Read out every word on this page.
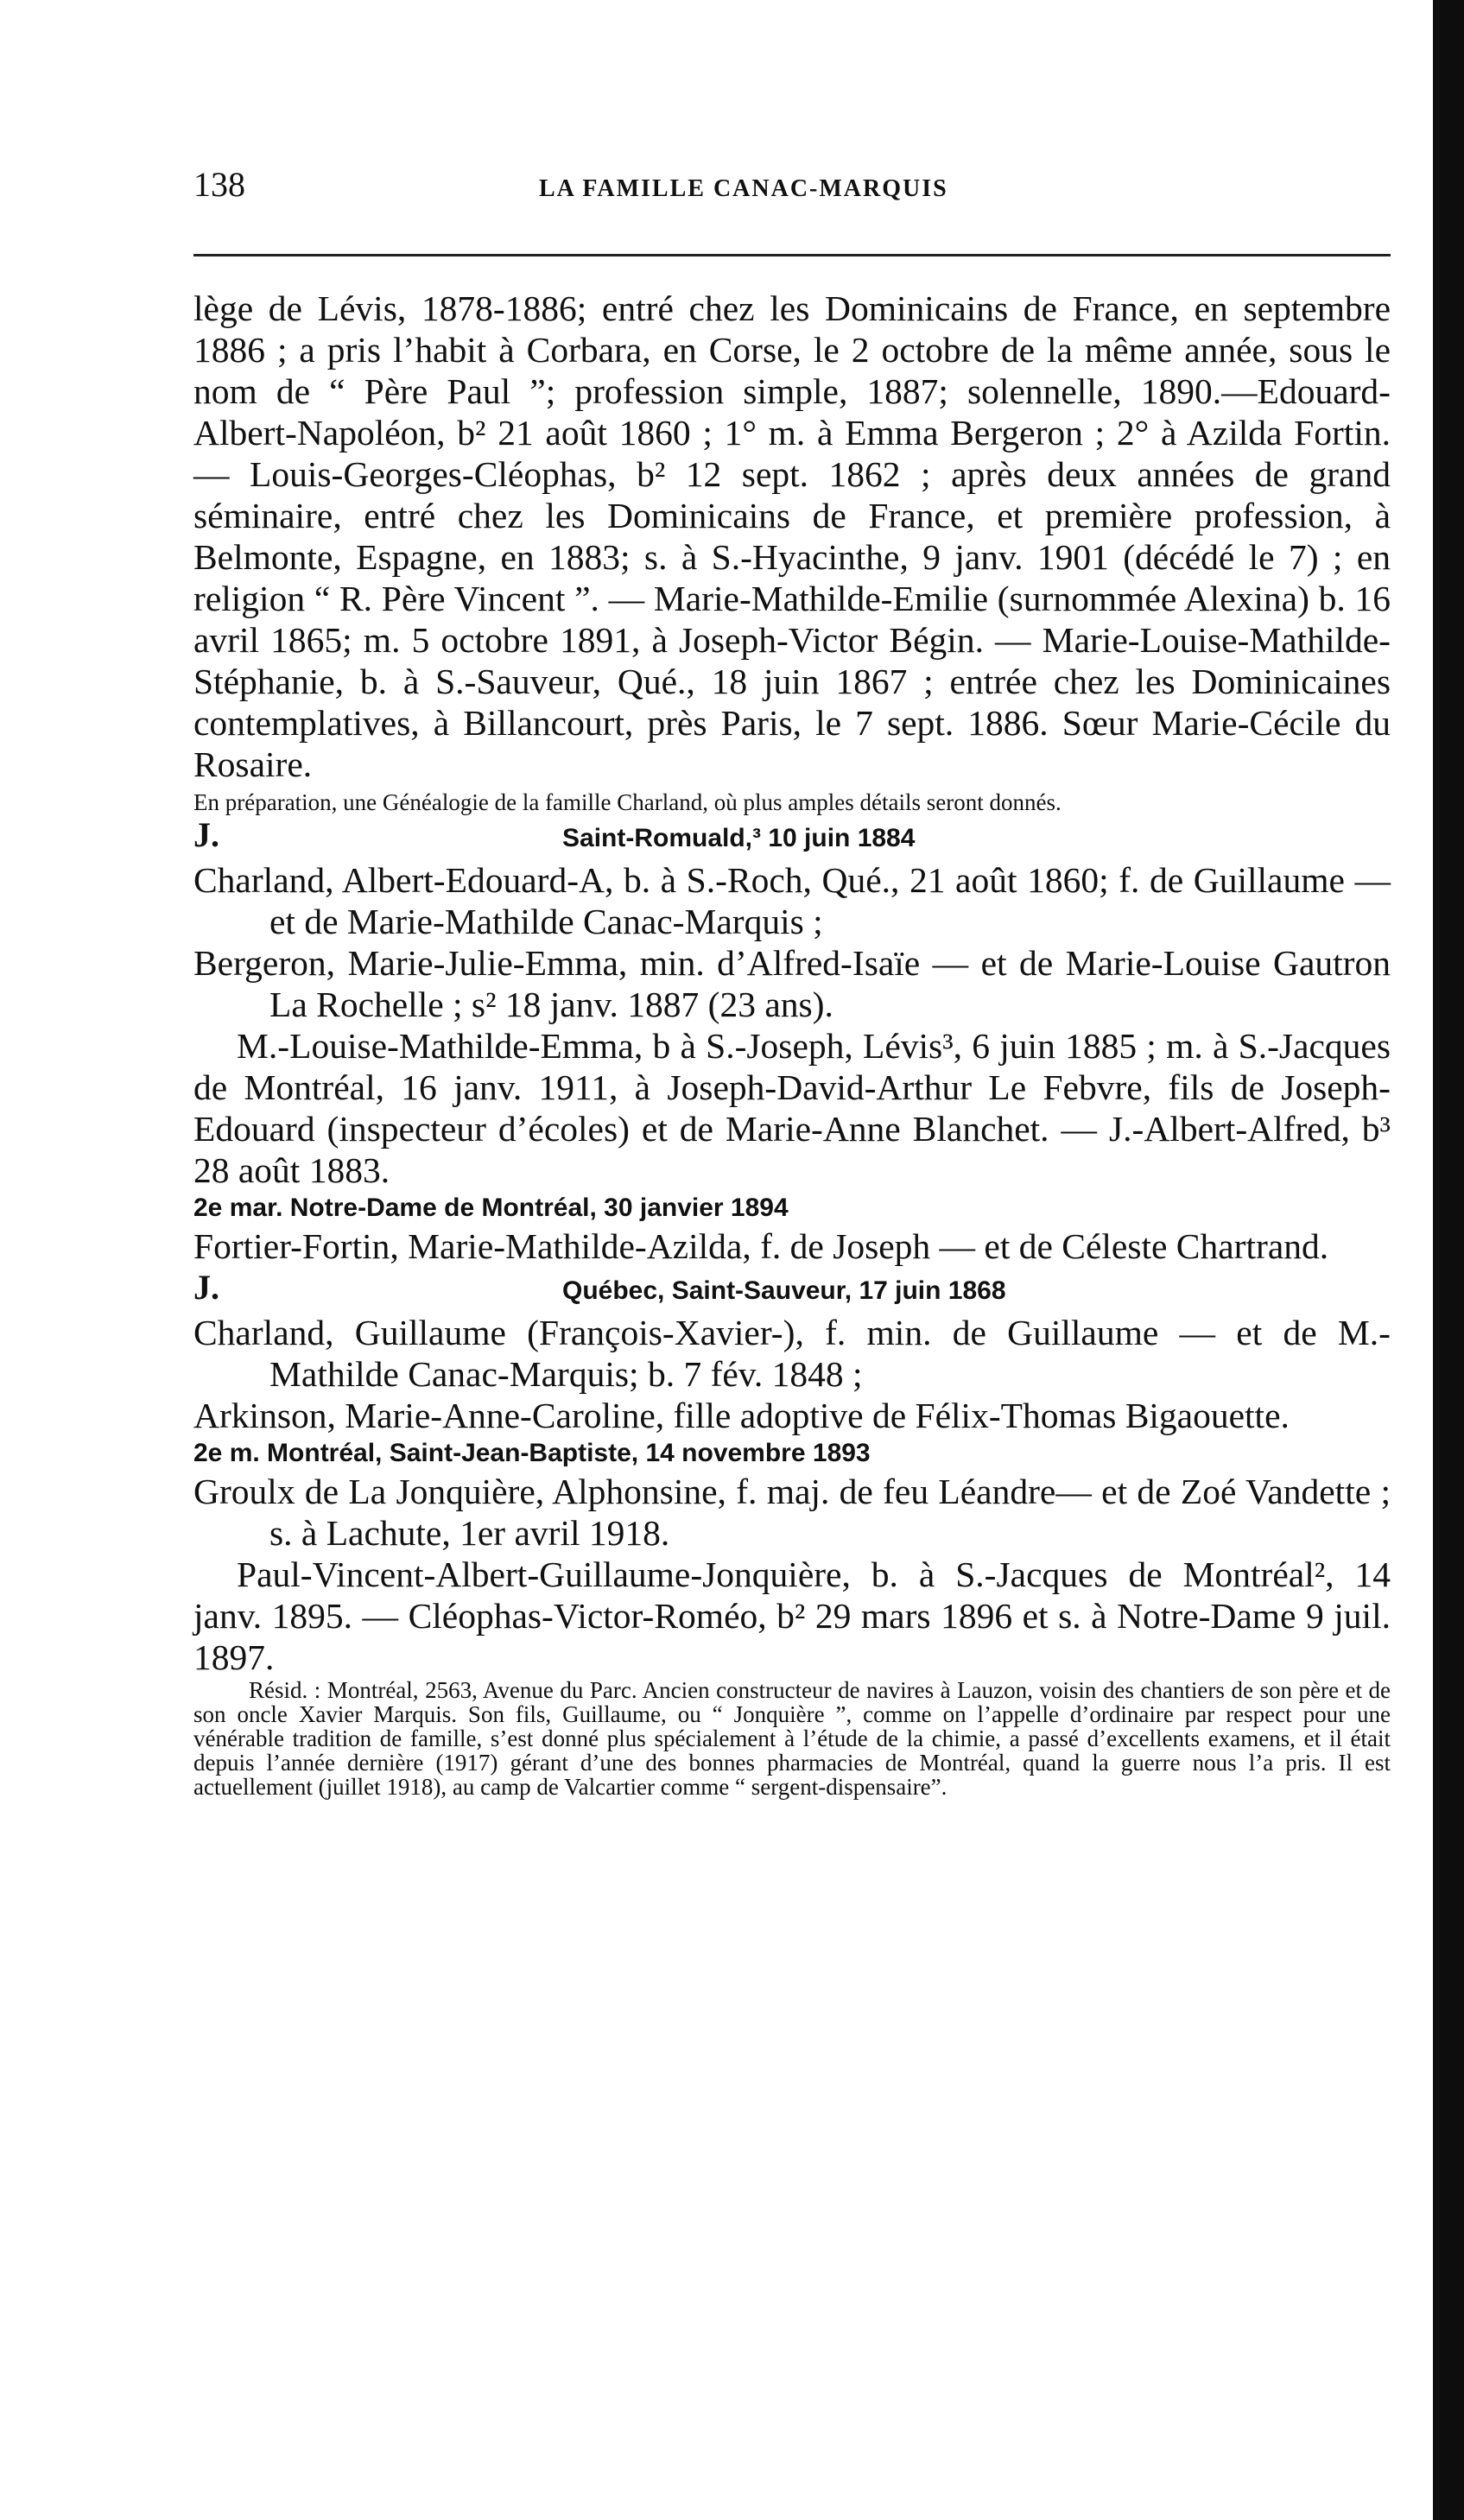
138	LA FAMILLE CANAC-MARQUIS

lège de Lévis, 1878-1886; entré chez les Dominicains de France, en septembre 1886 ; a pris l’habit à Corbara, en Corse, le 2 octobre de la même année, sous le nom de “ Père Paul ”; profession simple, 1887; solennelle, 1890.—Edouard-Albert-Napoléon, b² 21 août 1860 ; 1° m. à Emma Bergeron ; 2° à Azilda Fortin. — Louis-Georges-Cléophas, b² 12 sept. 1862 ; après deux années de grand séminaire, entré chez les Dominicains de France, et première profession, à Belmonte, Espagne, en 1883; s. à S.-Hyacinthe, 9 janv. 1901 (décédé le 7) ; en religion “ R. Père Vincent ”. — Marie-Mathilde-Emilie (surnommée Alexina) b. 16 avril 1865; m. 5 octobre 1891, à Joseph-Victor Bégin. — Marie-Louise-Mathilde-Stéphanie, b. à S.-Sauveur, Qué., 18 juin 1867 ; entrée chez les Dominicaines contemplatives, à Billancourt, près Paris, le 7 sept. 1886. Sœur Marie-Cécile du Rosaire.

En préparation, une Généalogie de la famille Charland, où plus amples détails seront donnés.

J.	Saint-Romuald,³ 10 juin 1884

Charland, Albert-Edouard-A, b. à S.-Roch, Qué., 21 août 1860; f. de Guillaume — et de Marie-Mathilde Canac-Marquis ;

Bergeron, Marie-Julie-Emma, min. d’Alfred-Isaïe — et de Marie-Louise Gautron La Rochelle ; s² 18 janv. 1887 (23 ans).

M.-Louise-Mathilde-Emma, b à S.-Joseph, Lévis³, 6 juin 1885 ; m. à S.-Jacques de Montréal, 16 janv. 1911, à Joseph-David-Arthur Le Febvre, fils de Joseph-Edouard (inspecteur d’écoles) et de Marie-Anne Blanchet. — J.-Albert-Alfred, b³ 28 août 1883.

2e mar. Notre-Dame de Montréal, 30 janvier 1894

Fortier-Fortin, Marie-Mathilde-Azilda, f. de Joseph — et de Céleste Chartrand.

J.	Québec, Saint-Sauveur, 17 juin 1868

Charland, Guillaume (François-Xavier-), f. min. de Guillaume — et de M.-Mathilde Canac-Marquis; b. 7 fév. 1848 ;

Arkinson, Marie-Anne-Caroline, fille adoptive de Félix-Thomas Bigaouette.

2e m. Montréal, Saint-Jean-Baptiste, 14 novembre 1893

Groulx de La Jonquière, Alphonsine, f. maj. de feu Léandre— et de Zoé Vandette ; s. à Lachute, 1er avril 1918.

Paul-Vincent-Albert-Guillaume-Jonquière, b. à S.-Jacques de Montréal², 14 janv. 1895. — Cléophas-Victor-Roméo, b² 29 mars 1896 et s. à Notre-Dame 9 juil. 1897.

Résid. : Montréal, 2563, Avenue du Parc. Ancien constructeur de navires à Lauzon, voisin des chantiers de son père et de son oncle Xavier Marquis. Son fils, Guillaume, ou “ Jonquière ”, comme on l’appelle d’ordinaire par respect pour une vénérable tradition de famille, s’est donné plus spécialement à l’étude de la chimie, a passé d’excellents examens, et il était depuis l’année dernière (1917) gérant d’une des bonnes pharmacies de Montréal, quand la guerre nous l’a pris. Il est actuellement (juillet 1918), au camp de Valcartier comme “ sergent-dispensaire”.
